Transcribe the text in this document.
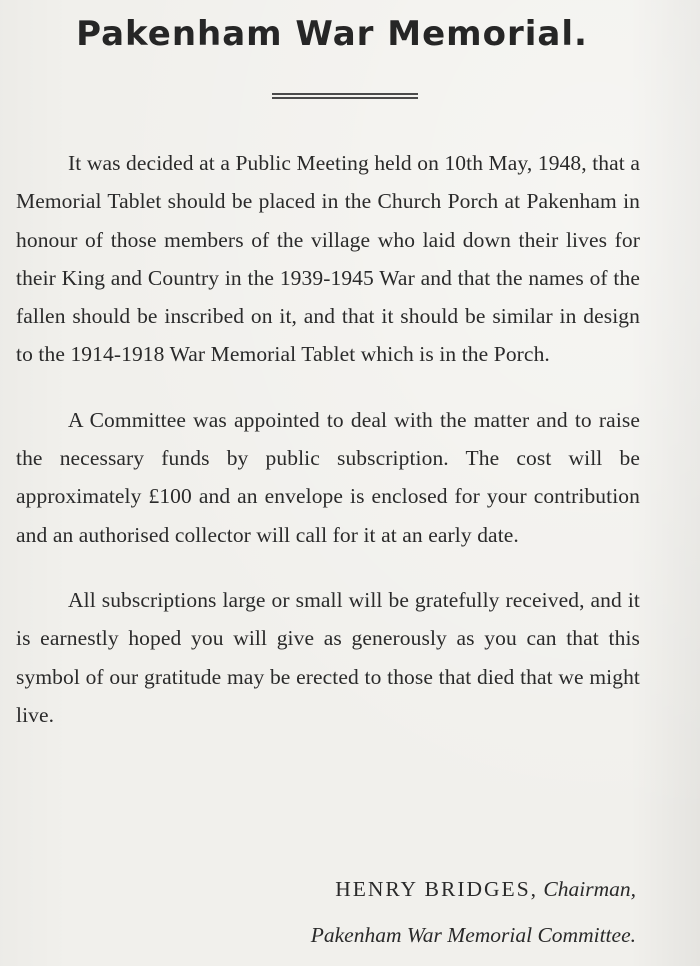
Pakenham War Memorial.

It was decided at a Public Meeting held on 10th May, 1948, that a Memorial Tablet should be placed in the Church Porch at Pakenham in honour of those members of the village who laid down their lives for their King and Country in the 1939-1945 War and that the names of the fallen should be inscribed on it, and that it should be similar in design to the 1914-1918 War Memorial Tablet which is in the Porch.

A Committee was appointed to deal with the matter and to raise the necessary funds by public subscription. The cost will be approximately £100 and an envelope is enclosed for your contribution and an authorised collector will call for it at an early date.

All subscriptions large or small will be gratefully received, and it is earnestly hoped you will give as generously as you can that this symbol of our gratitude may be erected to those that died that we might live.

HENRY BRIDGES, Chairman,
Pakenham War Memorial Committee.
